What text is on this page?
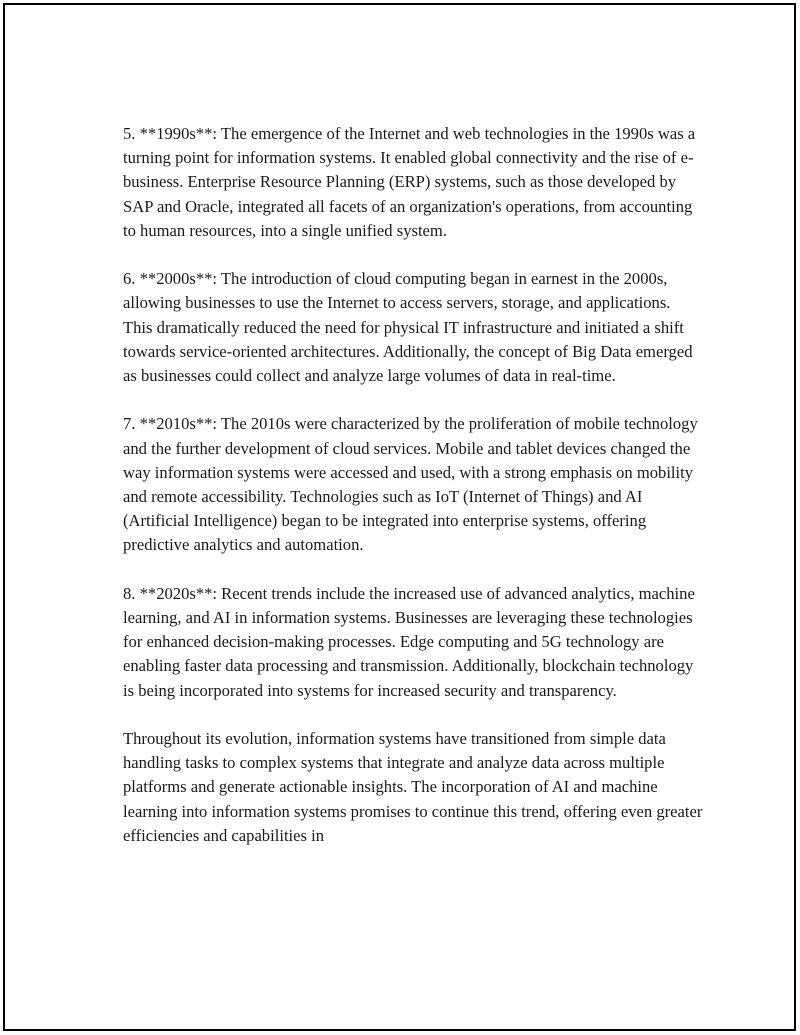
5. **1990s**: The emergence of the Internet and web technologies in the 1990s was a turning point for information systems. It enabled global connectivity and the rise of e-business. Enterprise Resource Planning (ERP) systems, such as those developed by SAP and Oracle, integrated all facets of an organization's operations, from accounting to human resources, into a single unified system.

6. **2000s**: The introduction of cloud computing began in earnest in the 2000s, allowing businesses to use the Internet to access servers, storage, and applications. This dramatically reduced the need for physical IT infrastructure and initiated a shift towards service-oriented architectures. Additionally, the concept of Big Data emerged as businesses could collect and analyze large volumes of data in real-time.

7. **2010s**: The 2010s were characterized by the proliferation of mobile technology and the further development of cloud services. Mobile and tablet devices changed the way information systems were accessed and used, with a strong emphasis on mobility and remote accessibility. Technologies such as IoT (Internet of Things) and AI (Artificial Intelligence) began to be integrated into enterprise systems, offering predictive analytics and automation.

8. **2020s**: Recent trends include the increased use of advanced analytics, machine learning, and AI in information systems. Businesses are leveraging these technologies for enhanced decision-making processes. Edge computing and 5G technology are enabling faster data processing and transmission. Additionally, blockchain technology is being incorporated into systems for increased security and transparency.

Throughout its evolution, information systems have transitioned from simple data handling tasks to complex systems that integrate and analyze data across multiple platforms and generate actionable insights. The incorporation of AI and machine learning into information systems promises to continue this trend, offering even greater efficiencies and capabilities in
